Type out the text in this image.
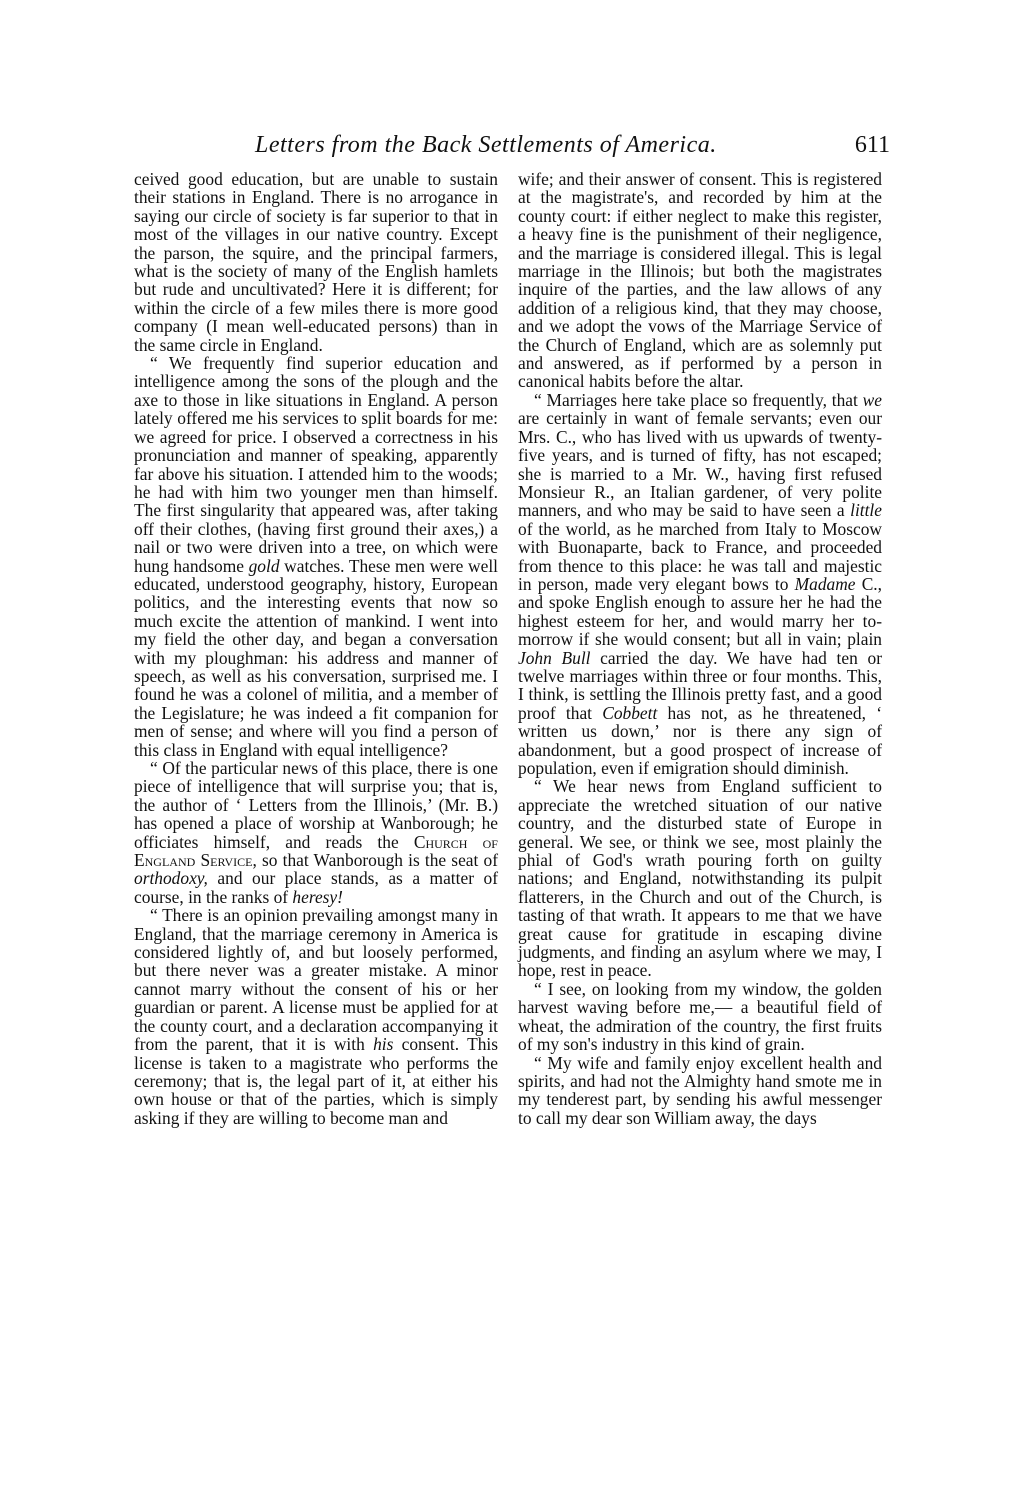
Letters from the Back Settlements of America.	611

ceived good education, but are unable to sustain their stations in England. There is no arrogance in saying our circle of society is far superior to that in most of the villages in our native country. Except the parson, the squire, and the principal farmers, what is the society of many of the English hamlets but rude and uncultivated? Here it is different; for within the circle of a few miles there is more good company (I mean well-educated persons) than in the same circle in England.

“ We frequently find superior education and intelligence among the sons of the plough and the axe to those in like situations in England. A person lately offered me his services to split boards for me: we agreed for price. I observed a correctness in his pronunciation and manner of speaking, apparently far above his situation. I attended him to the woods; he had with him two younger men than himself. The first singularity that appeared was, after taking off their clothes, (having first ground their axes,) a nail or two were driven into a tree, on which were hung handsome gold watches. These men were well educated, understood geography, history, European politics, and the interesting events that now so much excite the attention of mankind. I went into my field the other day, and began a conversation with my ploughman: his address and manner of speech, as well as his conversation, surprised me. I found he was a colonel of militia, and a member of the Legislature; he was indeed a fit companion for men of sense; and where will you find a person of this class in England with equal intelligence?

“ Of the particular news of this place, there is one piece of intelligence that will surprise you; that is, the author of ‘ Letters from the Illinois,’ (Mr. B.) has opened a place of worship at Wanborough; he officiates himself, and reads the Church of England Service, so that Wanborough is the seat of orthodoxy, and our place stands, as a matter of course, in the ranks of heresy!

“ There is an opinion prevailing amongst many in England, that the marriage ceremony in America is considered lightly of, and but loosely performed, but there never was a greater mistake. A minor cannot marry without the consent of his or her guardian or parent. A license must be applied for at the county court, and a declaration accompanying it from the parent, that it is with his consent. This license is taken to a magistrate who performs the ceremony; that is, the legal part of it, at either his own house or that of the parties, which is simply asking if they are willing to become man and

wife; and their answer of consent. This is registered at the magistrate's, and recorded by him at the county court: if either neglect to make this register, a heavy fine is the punishment of their negligence, and the marriage is considered illegal. This is legal marriage in the Illinois; but both the magistrates inquire of the parties, and the law allows of any addition of a religious kind, that they may choose, and we adopt the vows of the Marriage Service of the Church of England, which are as solemnly put and answered, as if performed by a person in canonical habits before the altar.

“ Marriages here take place so frequently, that we are certainly in want of female servants; even our Mrs. C., who has lived with us upwards of twenty-five years, and is turned of fifty, has not escaped; she is married to a Mr. W., having first refused Monsieur R., an Italian gardener, of very polite manners, and who may be said to have seen a little of the world, as he marched from Italy to Moscow with Buonaparte, back to France, and proceeded from thence to this place: he was tall and majestic in person, made very elegant bows to Madame C., and spoke English enough to assure her he had the highest esteem for her, and would marry her to-morrow if she would consent; but all in vain; plain John Bull carried the day. We have had ten or twelve marriages within three or four months. This, I think, is settling the Illinois pretty fast, and a good proof that Cobbett has not, as he threatened, ‘ written us down,’ nor is there any sign of abandonment, but a good prospect of increase of population, even if emigration should diminish.

“ We hear news from England sufficient to appreciate the wretched situation of our native country, and the disturbed state of Europe in general. We see, or think we see, most plainly the phial of God's wrath pouring forth on guilty nations; and England, notwithstanding its pulpit flatterers, in the Church and out of the Church, is tasting of that wrath. It appears to me that we have great cause for gratitude in escaping divine judgments, and finding an asylum where we may, I hope, rest in peace.

“ I see, on looking from my window, the golden harvest waving before me,— a beautiful field of wheat, the admiration of the country, the first fruits of my son's industry in this kind of grain.

“ My wife and family enjoy excellent health and spirits, and had not the Almighty hand smote me in my tenderest part, by sending his awful messenger to call my dear son William away, the days
